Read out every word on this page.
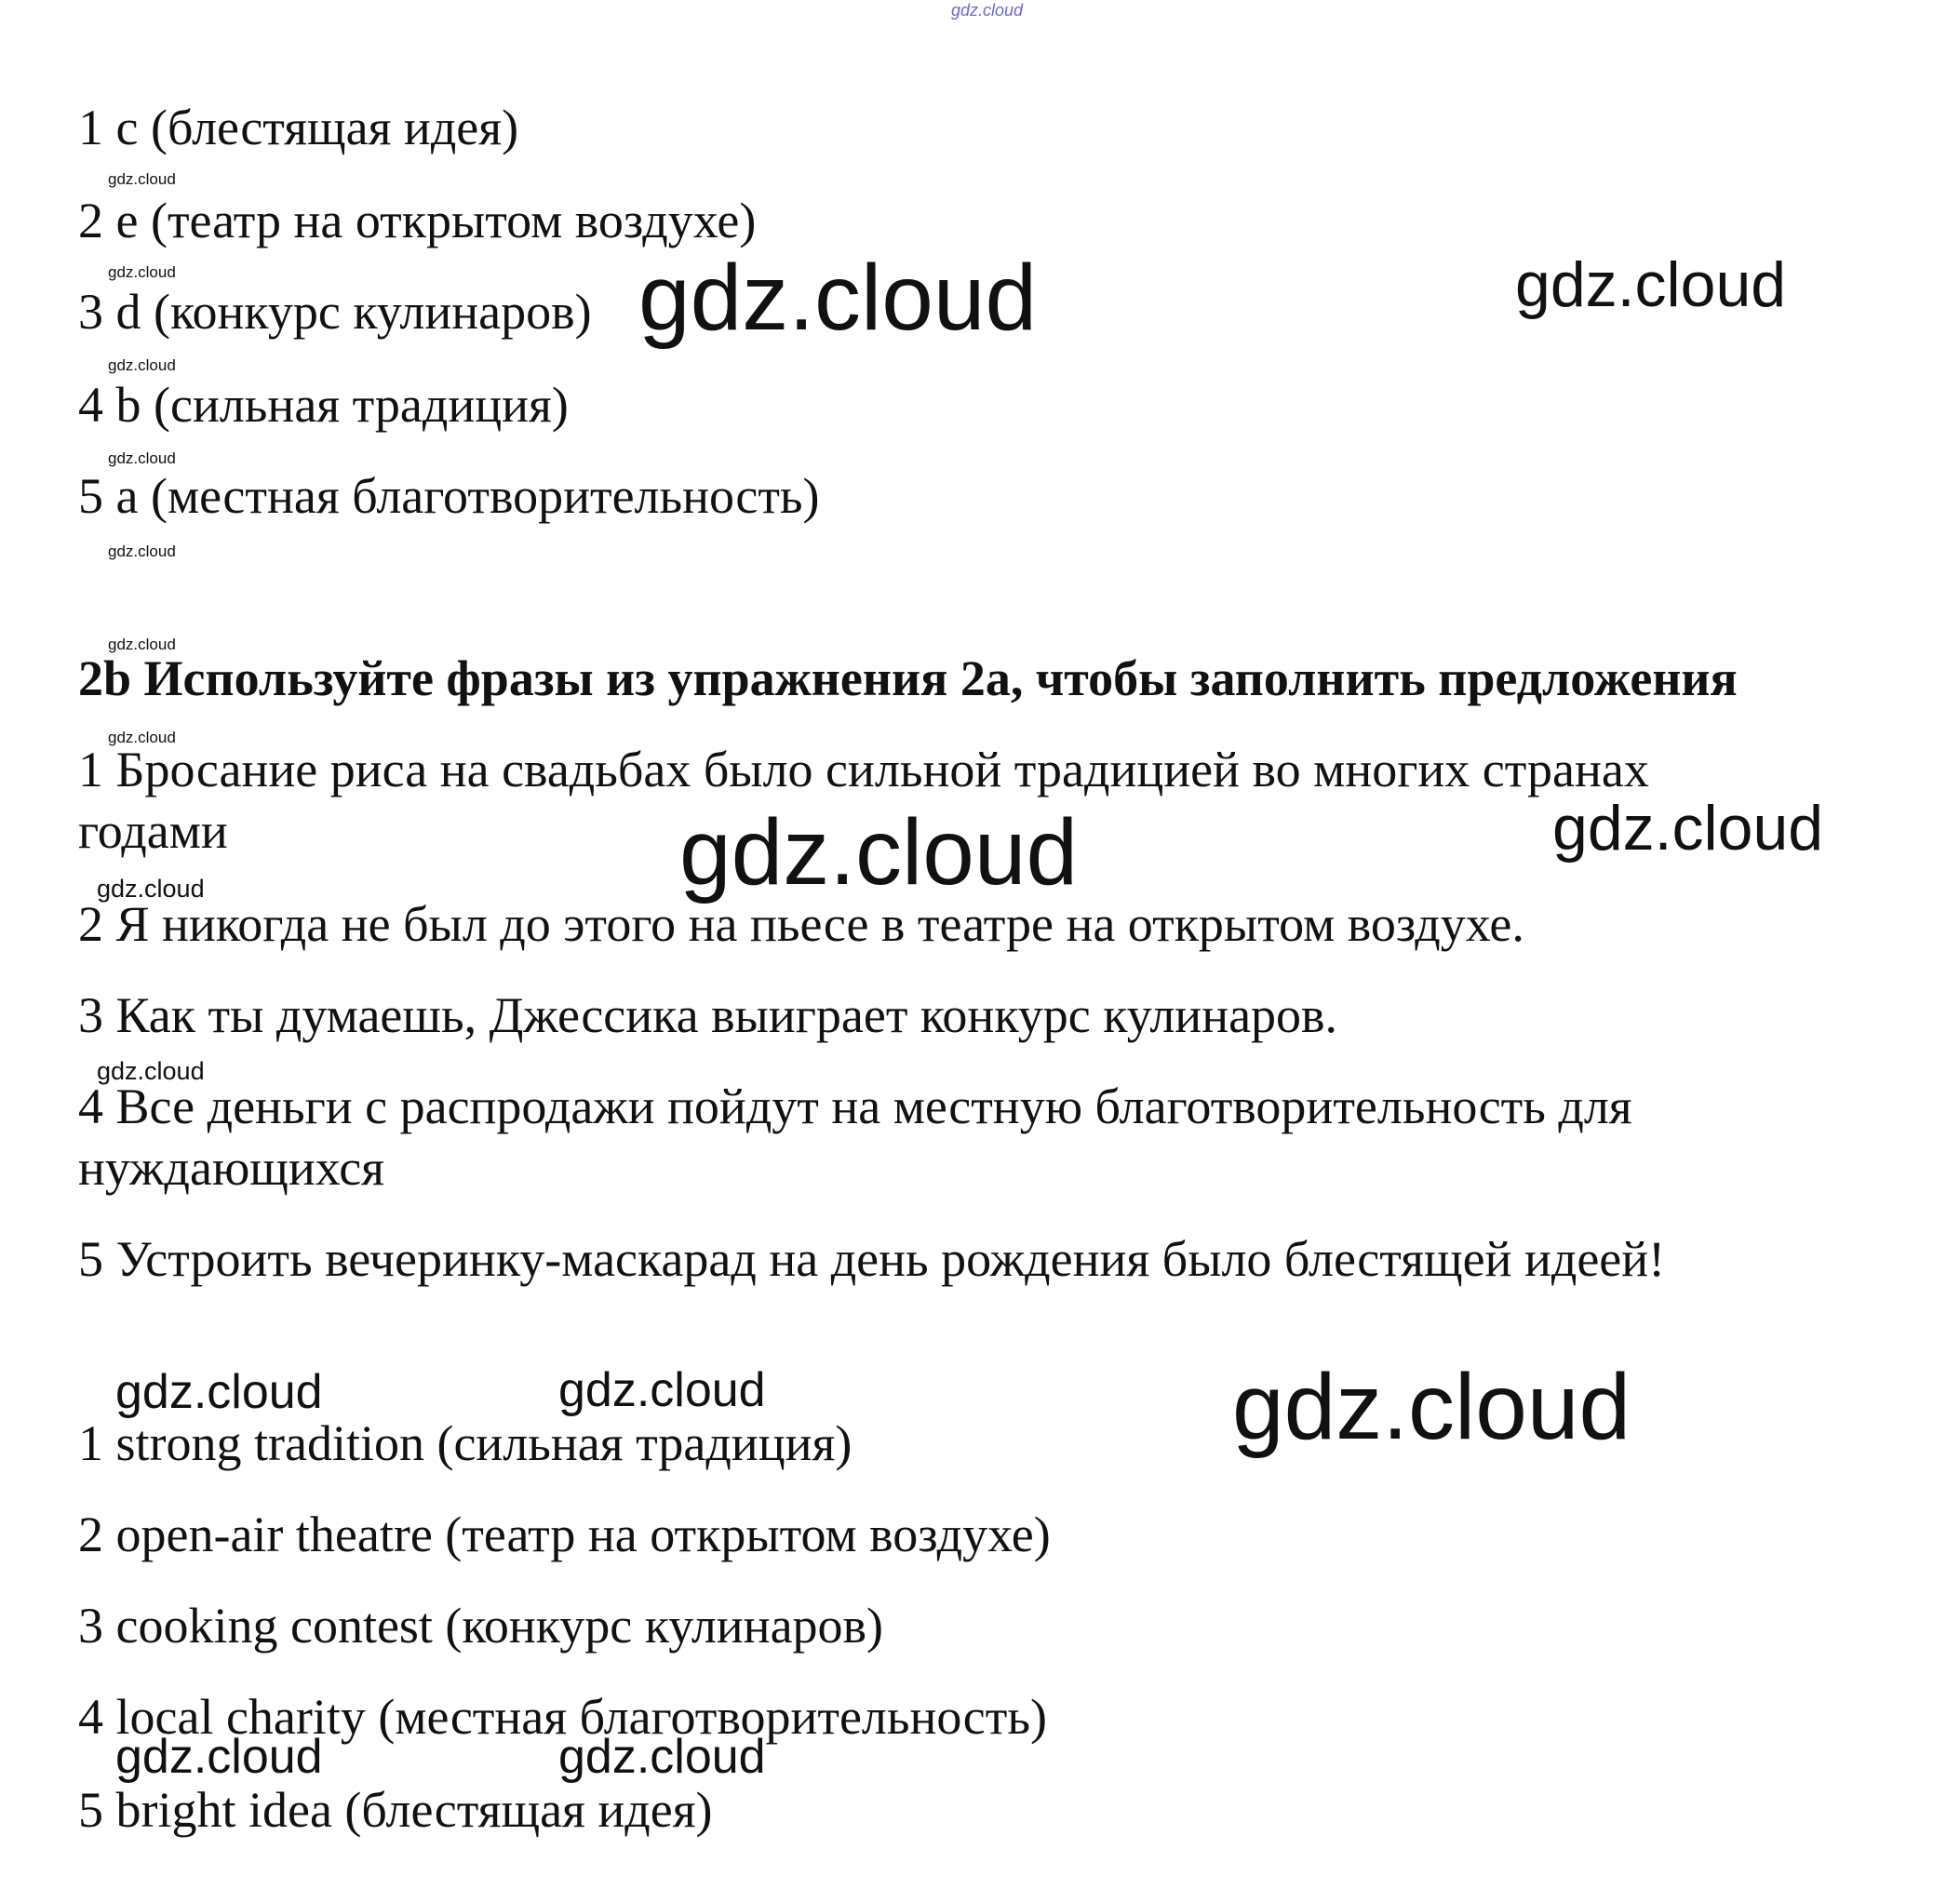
gdz.cloud

1 c (блестящая идея)

2 e (театр на открытом воздухе)

3 d (конкурс кулинаров)

4 b (сильная традиция)

5 a (местная благотворительность)

gdz.cloud
gdz.cloud
gdz.cloud
gdz.cloud
gdz.cloud
gdz.cloud
gdz.cloud
gdz.cloud	gdz.cloud

2b Используйте фразы из упражнения 2a, чтобы заполнить предложения

1 Бросание риса на свадьбах было сильной традицией во многих странах

годами

2 Я никогда не был до этого на пьесе в театре на открытом воздухе.

3 Как ты думаешь, Джессика выиграет конкурс кулинаров.

4 Все деньги с распродажи пойдут на местную благотворительность для

нуждающихся

5 Устроить вечеринку-маскарад на день рождения было блестящей идеей!

gdz.cloud	gdz.cloud
gdz.cloud
gdz.cloud

1 strong tradition (сильная традиция)

2 open-air theatre (театр на открытом воздухе)

3 cooking contest (конкурс кулинаров)

4 local charity (местная благотворительность)

5 bright idea (блестящая идея)

gdz.cloud	gdz.cloud	gdz.cloud
gdz.cloud	gdz.cloud
